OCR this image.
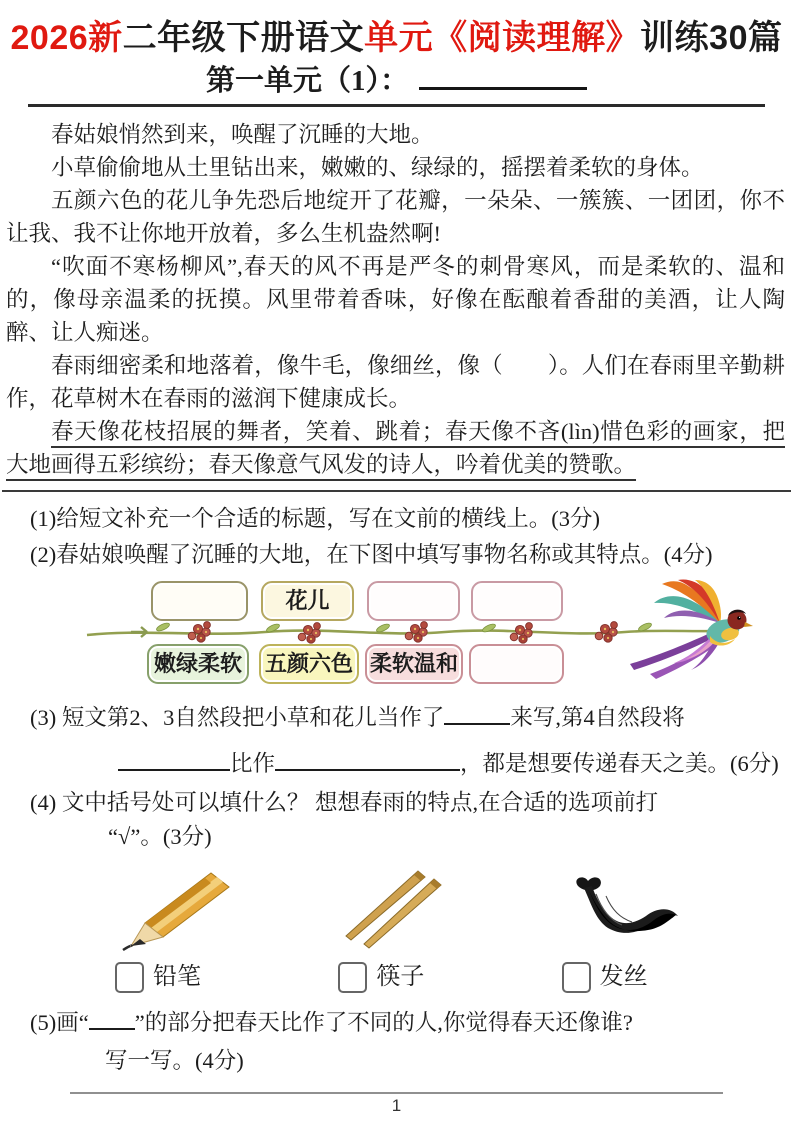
2026新二年级下册语文单元《阅读理解》训练30篇
第一单元（1）：

春姑娘悄然到来，唤醒了沉睡的大地。

小草偷偷地从土里钻出来，嫩嫩的、绿绿的，摇摆着柔软的身体。

五颜六色的花儿争先恐后地绽开了花瓣，一朵朵、一簇簇、一团团，你不让我、我不让你地开放着，多么生机盎然啊!

“吹面不寒杨柳风”,春天的风不再是严冬的刺骨寒风，而是柔软的、温和的，像母亲温柔的抚摸。风里带着香味，好像在酝酿着香甜的美酒，让人陶醉、让人痴迷。

春雨细密柔和地落着，像牛毛，像细丝，像（　　）。人们在春雨里辛勤耕作，花草树木在春雨的滋润下健康成长。

春天像花枝招展的舞者，笑着、跳着；春天像不吝(lìn)惜色彩的画家，把大地画得五彩缤纷；春天像意气风发的诗人，吟着优美的赞歌。

(1)给短文补充一个合适的标题，写在文前的横线上。(3分)
(2)春姑娘唤醒了沉睡的大地，在下图中填写事物名称或其特点。(4分)
花儿
嫩绿柔软 五颜六色 柔软温和
(3) 短文第2、3自然段把小草和花儿当作了	来写,第4自然段将
比作	，都是想要传递春天之美。(6分)
(4) 文中括号处可以填什么？ 想想春雨的特点,在合适的选项前打
“√”。(3分)
铅笔	筷子	发丝
(5)画“ ”的部分把春天比作了不同的人,你觉得春天还像谁?
写一写。(4分)
1
